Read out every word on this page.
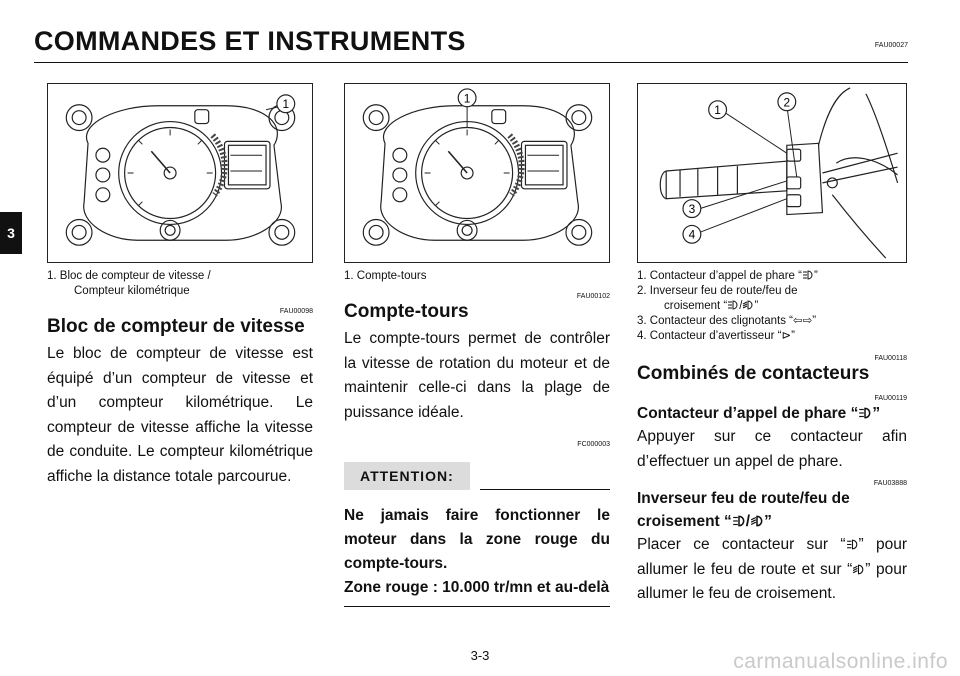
COMMANDES ET INSTRUMENTS	FAU00027
3
1	1
1
2
3
4

1. Bloc de compteur de vitesse /
Compteur kilométrique

FAU00098

Bloc de compteur de vitesse

Le bloc de compteur de vitesse est équipé d’un compteur de vitesse et d’un compteur kilométrique. Le compteur de vitesse affiche la vitesse de conduite. Le compteur kilométrique affiche la distance totale parcourue.

1. Compte-tours

FAU00102

Compte-tours

Le compte-tours permet de contrôler la vitesse de rotation du moteur et de maintenir celle-ci dans la plage de puissance idéale.

FC000003

ATTENTION:

Ne jamais faire fonctionner le moteur dans la zone rouge du compte-tours.

Zone rouge : 10.000 tr/mn et au-delà

1. Contacteur d’appel de phare “ ”
2. Inverseur feu de route/feu de
croisement “ / ”
3. Contacteur des clignotants “⇦⇨”
4. Contacteur d’avertisseur “⊳”

FAU00118

Combinés de contacteurs

FAU00119

Contacteur d’appel de phare “ ”

Appuyer sur ce contacteur afin d’effectuer un appel de phare.

FAU03888

Inverseur feu de route/feu de
croisement “ / ”

Placer ce contacteur sur “ ” pour allumer le feu de route et sur “ ” pour allumer le feu de croisement.

3-3	carmanualsonline.info
